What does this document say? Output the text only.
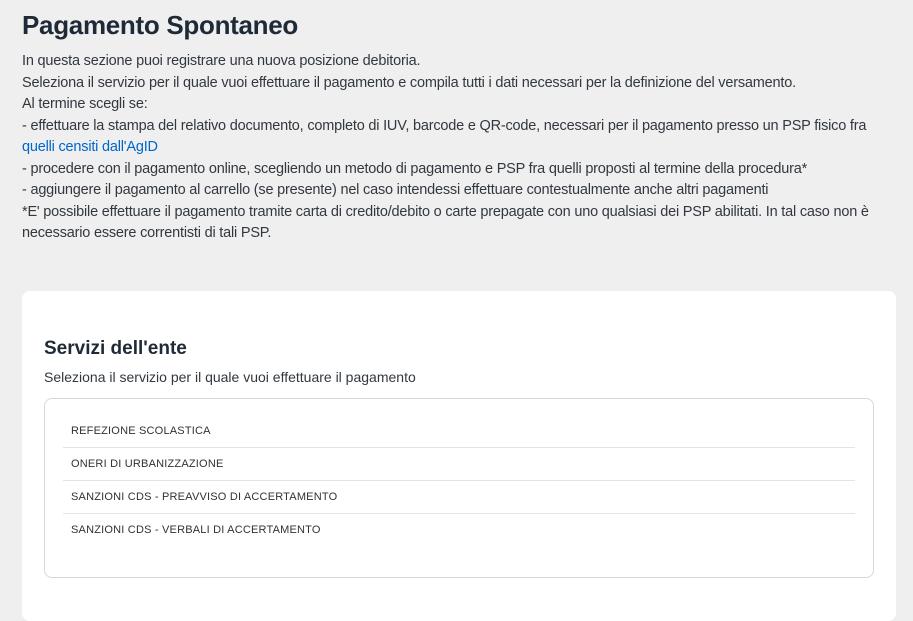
Pagamento Spontaneo
In questa sezione puoi registrare una nuova posizione debitoria.
Seleziona il servizio per il quale vuoi effettuare il pagamento e compila tutti i dati necessari per la definizione del versamento.
Al termine scegli se:
- effettuare la stampa del relativo documento, completo di IUV, barcode e QR-code, necessari per il pagamento presso un PSP fisico fra quelli censiti dall'AgID
- procedere con il pagamento online, scegliendo un metodo di pagamento e PSP fra quelli proposti al termine della procedura*
- aggiungere il pagamento al carrello (se presente) nel caso intendessi effettuare contestualmente anche altri pagamenti
*E' possibile effettuare il pagamento tramite carta di credito/debito o carte prepagate con uno qualsiasi dei PSP abilitati. In tal caso non è necessario essere correntisti di tali PSP.
Servizi dell'ente
Seleziona il servizio per il quale vuoi effettuare il pagamento
REFEZIONE SCOLASTICA
ONERI DI URBANIZZAZIONE
SANZIONI CDS - PREAVVISO DI ACCERTAMENTO
SANZIONI CDS - VERBALI DI ACCERTAMENTO
